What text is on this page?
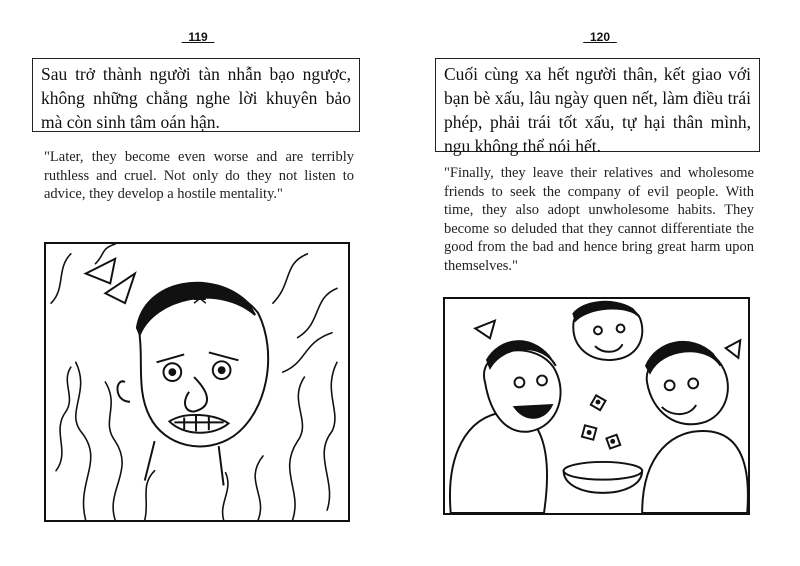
_119_
Sau trở thành người tàn nhẫn bạo ngược, không những chẳng nghe lời khuyên bảo mà còn sinh tâm oán hận.
"Later, they become even worse and are terribly ruthless and cruel. Not only do they not listen to advice, they develop a hostile mentality."
_120_
Cuối cùng xa hết người thân, kết giao với bạn bè xấu, lâu ngày quen nết, làm điều trái phép, phải trái tốt xấu, tự hại thân mình, ngu không thể nói hết.
"Finally, they leave their relatives and wholesome friends to seek the company of evil people. With time, they also adopt unwholesome habits. They become so deluded that they cannot differentiate the good from the bad and hence bring great harm upon themselves."
